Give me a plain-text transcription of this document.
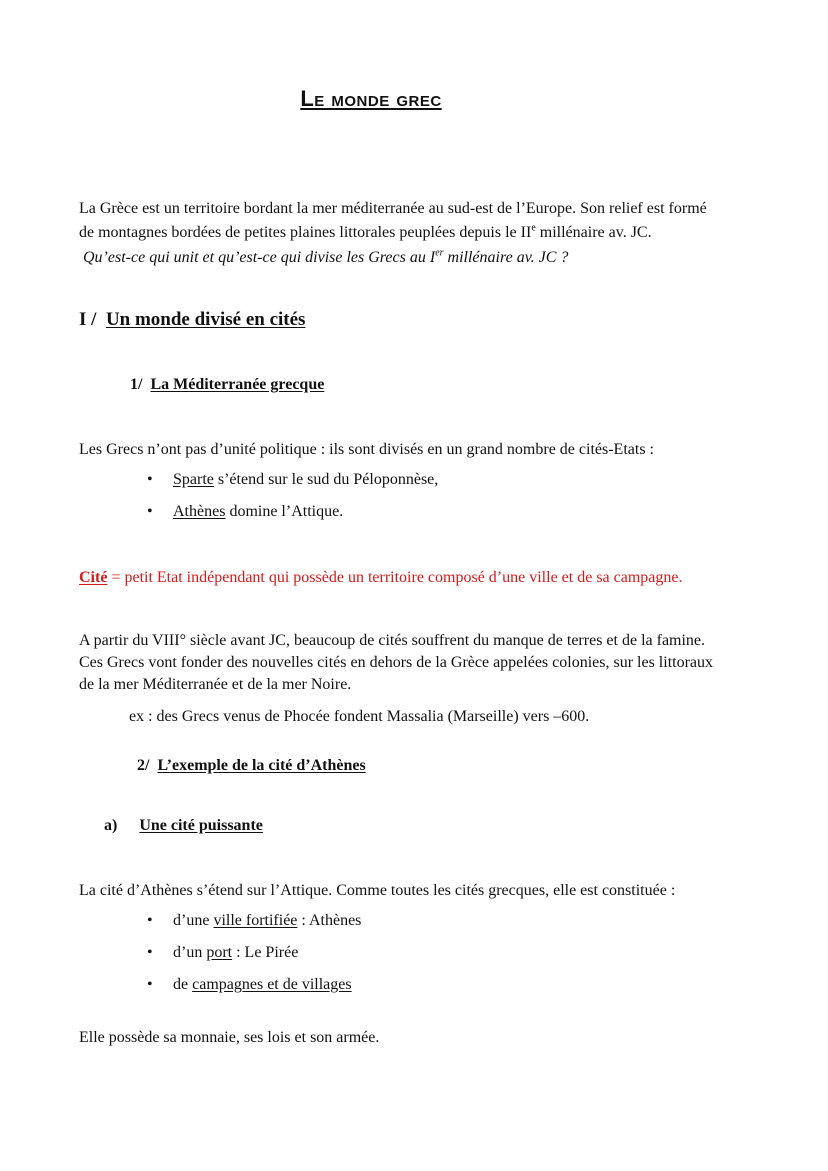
Le monde grec
La Grèce est un territoire bordant la mer méditerranée au sud-est de l’Europe. Son relief est formé
de montagnes bordées de petites plaines littorales peuplées depuis le IIe millénaire av. JC.
Qu’est-ce qui unit et qu’est-ce qui divise les Grecs au Ier millénaire av. JC ?
I / Un monde divisé en cités
1/ La Méditerranée grecque
Les Grecs n’ont pas d’unité politique : ils sont divisés en un grand nombre de cités-Etats :
• Sparte s’étend sur le sud du Péloponnèse,
• Athènes domine l’Attique.
Cité = petit Etat indépendant qui possède un territoire composé d’une ville et de sa campagne.
A partir du VIII° siècle avant JC, beaucoup de cités souffrent du manque de terres et de la famine.
Ces Grecs vont fonder des nouvelles cités en dehors de la Grèce appelées colonies, sur les littoraux
de la mer Méditerranée et de la mer Noire.
ex : des Grecs venus de Phocée fondent Massalia (Marseille) vers –600.
2/ L’exemple de la cité d’Athènes
a) Une cité puissante
La cité d’Athènes s’étend sur l’Attique. Comme toutes les cités grecques, elle est constituée :
• d’une ville fortifiée : Athènes
• d’un port : Le Pirée
• de campagnes et de villages
Elle possède sa monnaie, ses lois et son armée.
